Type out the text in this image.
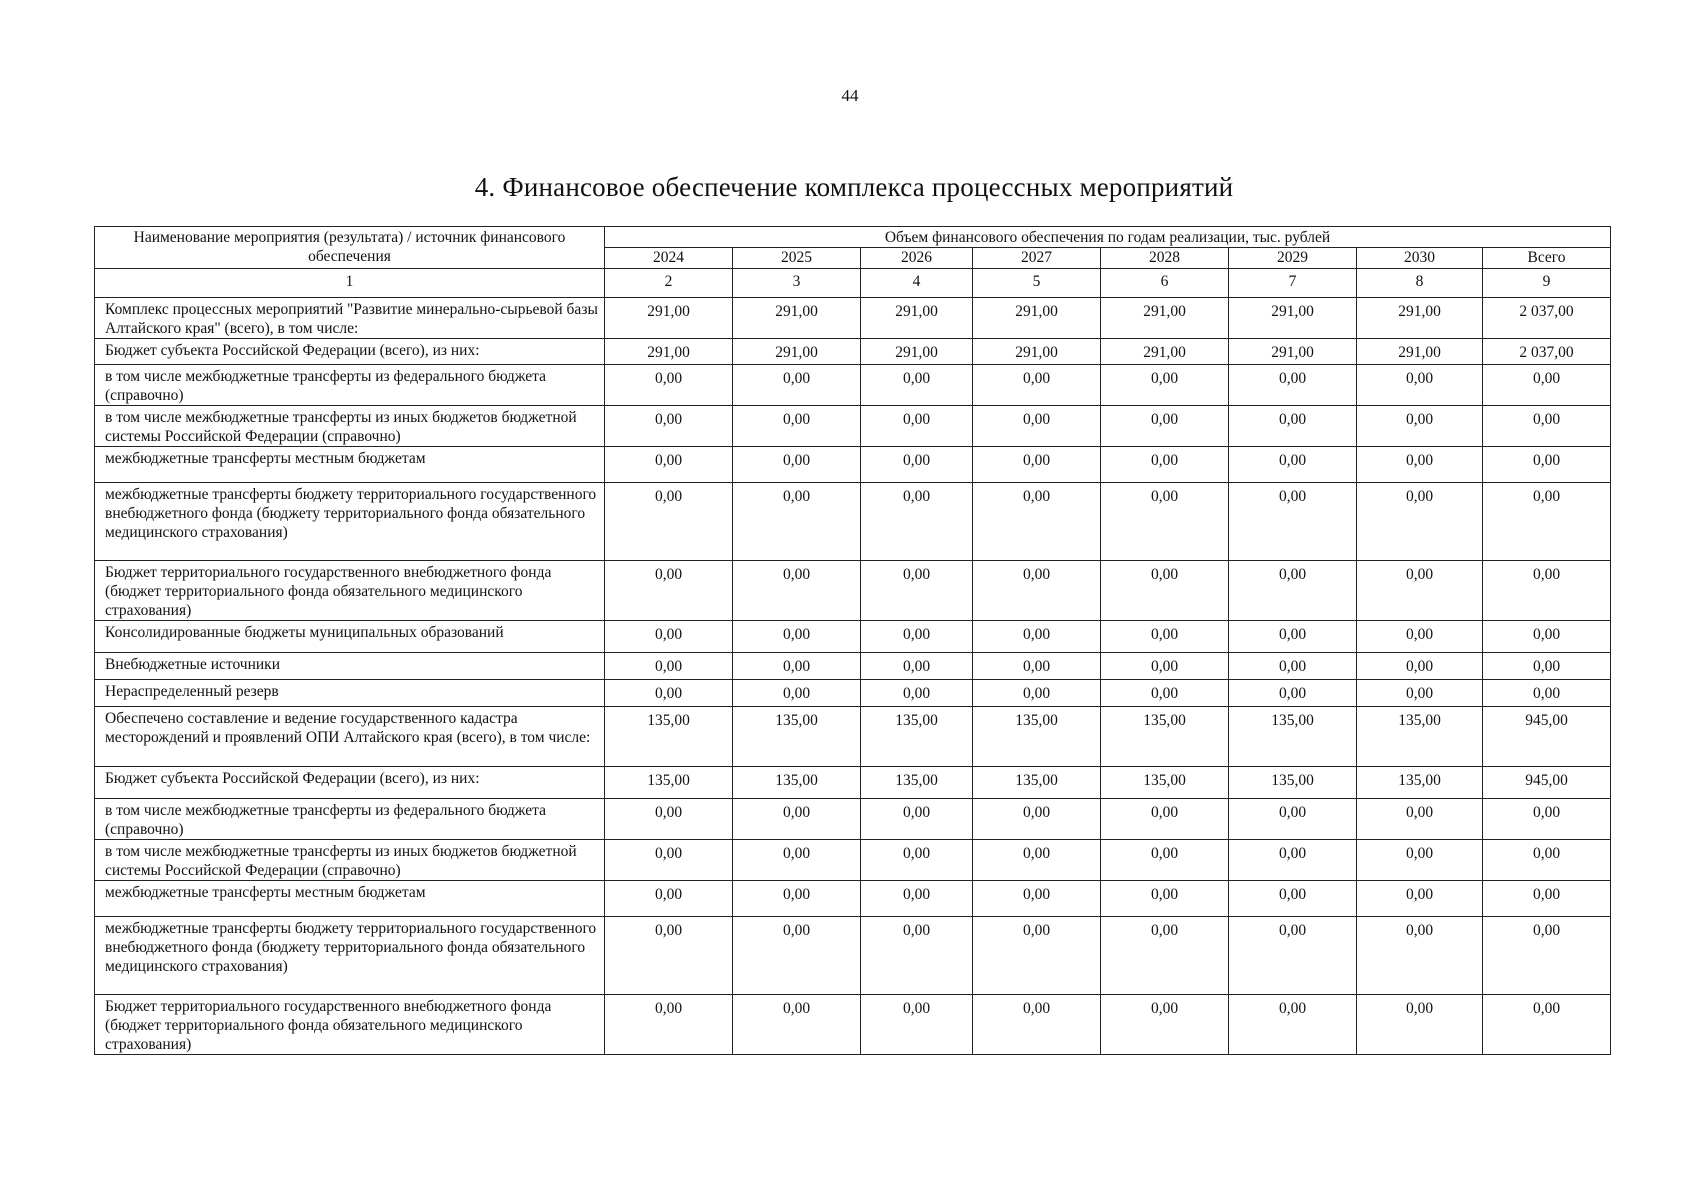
44
4. Финансовое обеспечение комплекса процессных мероприятий
Наименование мероприятия (результата) / источник финансового обеспечения	Объем финансового обеспечения по годам реализации, тыс. рублей							
	2024	2025	2026	2027	2028	2029	2030	Всего
1	2	3	4	5	6	7	8	9
Комплекс процессных мероприятий "Развитие минерально-сырьевой базы Алтайского края" (всего), в том числе:	291,00	291,00	291,00	291,00	291,00	291,00	291,00	2 037,00
Бюджет субъекта Российской Федерации (всего), из них:	291,00	291,00	291,00	291,00	291,00	291,00	291,00	2 037,00
в том числе межбюджетные трансферты из федерального бюджета (справочно)	0,00	0,00	0,00	0,00	0,00	0,00	0,00	0,00
в том числе межбюджетные трансферты из иных бюджетов бюджетной системы Российской Федерации (справочно)	0,00	0,00	0,00	0,00	0,00	0,00	0,00	0,00
межбюджетные трансферты местным бюджетам	0,00	0,00	0,00	0,00	0,00	0,00	0,00	0,00
межбюджетные трансферты бюджету территориального государственного внебюджетного фонда (бюджету территориального фонда обязательного медицинского страхования)	0,00	0,00	0,00	0,00	0,00	0,00	0,00	0,00
Бюджет территориального государственного внебюджетного фонда (бюджет территориального фонда обязательного медицинского страхования)	0,00	0,00	0,00	0,00	0,00	0,00	0,00	0,00
Консолидированные бюджеты муниципальных образований	0,00	0,00	0,00	0,00	0,00	0,00	0,00	0,00
Внебюджетные источники	0,00	0,00	0,00	0,00	0,00	0,00	0,00	0,00
Нераспределенный резерв	0,00	0,00	0,00	0,00	0,00	0,00	0,00	0,00
Обеспечено составление и ведение государственного кадастра месторождений и проявлений ОПИ Алтайского края (всего), в том числе:	135,00	135,00	135,00	135,00	135,00	135,00	135,00	945,00
Бюджет субъекта Российской Федерации (всего), из них:	135,00	135,00	135,00	135,00	135,00	135,00	135,00	945,00
в том числе межбюджетные трансферты из федерального бюджета (справочно)	0,00	0,00	0,00	0,00	0,00	0,00	0,00	0,00
в том числе межбюджетные трансферты из иных бюджетов бюджетной системы Российской Федерации (справочно)	0,00	0,00	0,00	0,00	0,00	0,00	0,00	0,00
межбюджетные трансферты местным бюджетам	0,00	0,00	0,00	0,00	0,00	0,00	0,00	0,00
межбюджетные трансферты бюджету территориального государственного внебюджетного фонда (бюджету территориального фонда обязательного медицинского страхования)	0,00	0,00	0,00	0,00	0,00	0,00	0,00	0,00
Бюджет территориального государственного внебюджетного фонда (бюджет территориального фонда обязательного медицинского страхования)	0,00	0,00	0,00	0,00	0,00	0,00	0,00	0,00
